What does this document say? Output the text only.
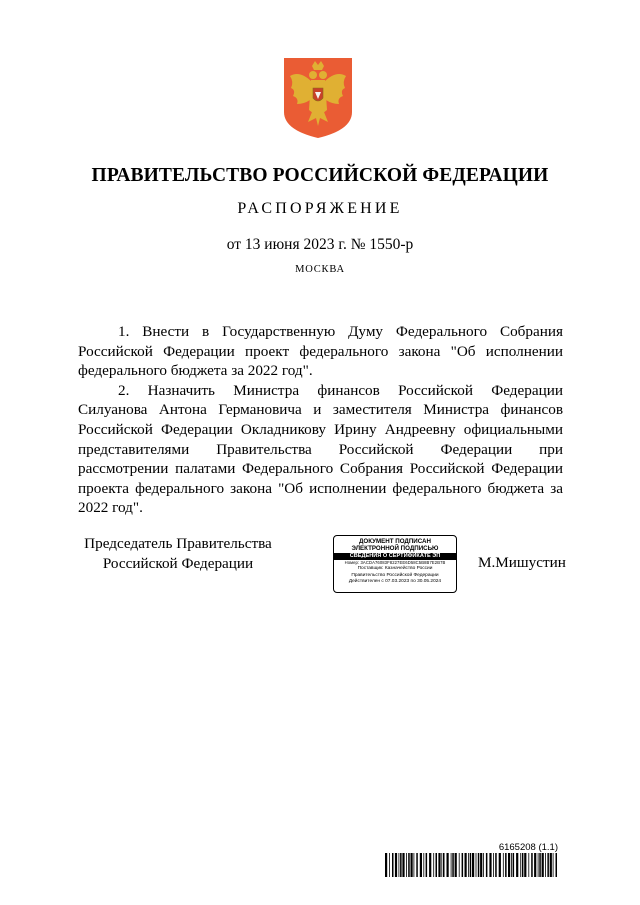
ПРАВИТЕЛЬСТВО РОССИЙСКОЙ ФЕДЕРАЦИИ
РАСПОРЯЖЕНИЕ
от 13 июня 2023 г. № 1550-р
МОСКВА

1. Внести в Государственную Думу Федерального Собрания Российской Федерации проект федерального закона "Об исполнении федерального бюджета за 2022 год".

2. Назначить Министра финансов Российской Федерации Силуанова Антона Германовича и заместителя Министра финансов Российской Федерации Окладникову Ирину Андреевну официальными представителями Правительства Российской Федерации при рассмотрении палатами Федерального Собрания Российской Федерации проекта федерального закона "Об исполнении федерального бюджета за 2022 год".

Председатель Правительства
Российской Федерации
ДОКУМЕНТ ПОДПИСАН
ЭЛЕКТРОННОЙ ПОДПИСЬЮ
СВЕДЕНИЯ О СЕРТИФИКАТЕ ЭП
Номер: 3ACDA76083F8227EE6D58C5B8B7E2B7B
Поставщик: Казначейство России
Правительство Российской Федерации
Действителен с 07.03.2023 по 30.05.2024
М.Мишустин
6165208 (1.1)
